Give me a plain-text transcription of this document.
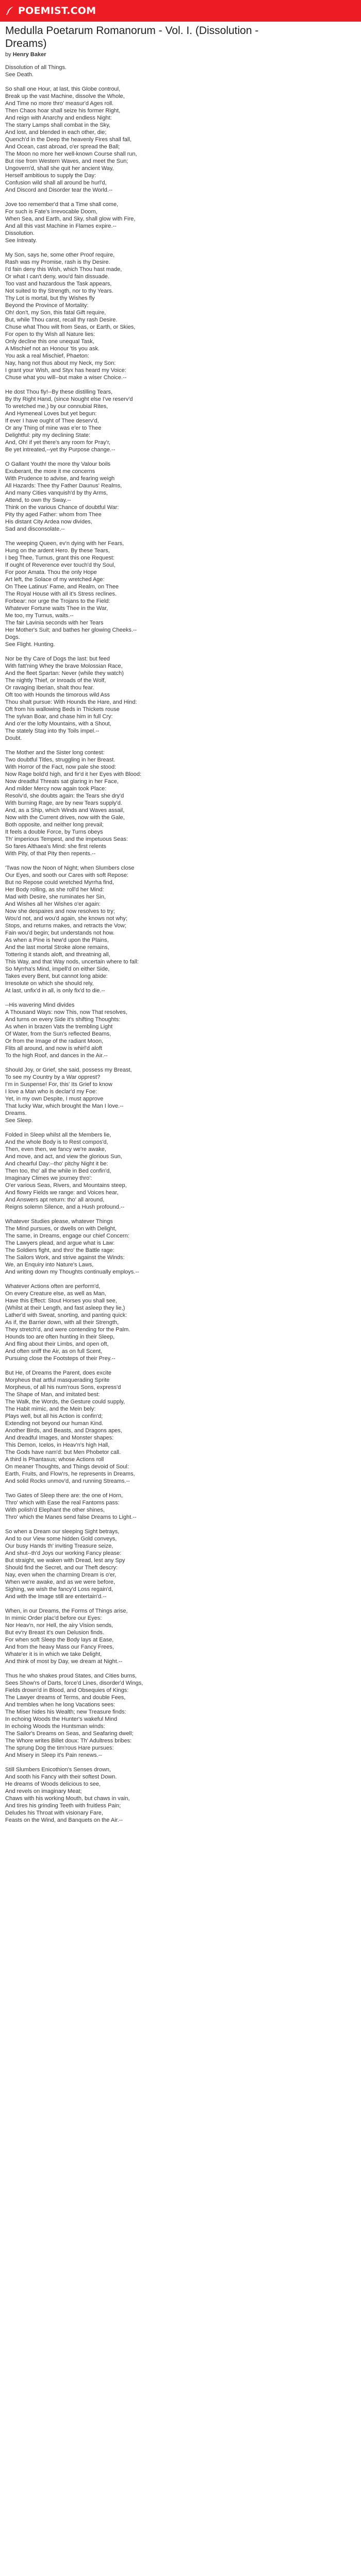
POEMIST.COM
Medulla Poetarum Romanorum - Vol. I. (Dissolution - Dreams)
by Henry Baker
Dissolution of all Things.
See Death.
So shall one Hour, at last, this Globe controul,
Break up the vast Machine, dissolve the Whole,
And Time no more thro' measur'd Ages roll.
Then Chaos hoar shall seize his former Right,
And reign with Anarchy and endless Night:
The starry Lamps shall combat in the Sky,
And lost, and blended in each other, die;
Quench'd in the Deep the heavenly Fires shall fall,
And Ocean, cast abroad, o'er spread the Ball;
The Moon no more her well-known Course shall run,
But rise from Western Waves, and meet the Sun;
Ungovern'd, shall she quit her ancient Way,
Herself ambitious to supply the Day:
Confusion wild shall all around be hurl'd,
And Discord and Disorder tear the World.--
Jove too remember'd that a Time shall come,
For such is Fate's irrevocable Doom,
When Sea, and Earth, and Sky, shall glow with Fire,
And all this vast Machine in Flames expire.--
Dissolution.
See Intreaty.
My Son, says he, some other Proof require,
Rash was my Promise, rash is thy Desire.
I'd fain deny this Wish, which Thou hast made,
Or what I can't deny, wou'd fain dissuade.
Too vast and hazardous the Task appears,
Not suited to thy Strength, nor to thy Years.
Thy Lot is mortal, but thy Wishes fly
Beyond the Province of Mortality:
Oh! don't, my Son, this fatal Gift require,
But, while Thou canst, recall thy rash Desire.
Chuse what Thou wilt from Seas, or Earth, or Skies,
For open to thy Wish all Nature lies:
Only decline this one unequal Task,
A Mischief not an Honour 'tis you ask.
You ask a real Mischief, Phaeton:
Nay, hang not thus about my Neck, my Son:
I grant your Wish, and Styx has heard my Voice:
Chuse what you will--but make a wiser Choice.--
He dost Thou fly!--By these distilling Tears,
By thy Right Hand, (since Nought else I've reserv'd
To wretched me,) by our connubial Rites,
And Hymeneal Loves but yet begun:
If ever I have ought of Thee deserv'd,
Or any Thing of mine was e'er to Thee
Delightful: pity my declining State:
And, Oh! if yet there's any room for Pray'r,
Be yet intreated,--yet thy Purpose change.--
O Gallant Youth! the more thy Valour boils
Exuberant, the more it me concerns
With Prudence to advise, and fearing weigh
All Hazards: Thee thy Father Daunus' Realms,
And many Cities vanquish'd by thy Arms,
Attend, to own thy Sway.--
Think on the various Chance of doubtful War:
Pity thy aged Father: whom from Thee
His distant City Ardea now divides,
Sad and disconsolate.--
The weeping Queen, ev'n dying with her Fears,
Hung on the ardent Hero. By these Tears,
I beg Thee, Turnus, grant this one Request:
If ought of Reverence ever touch'd thy Soul,
For poor Amata. Thou the only Hope
Art left, the Solace of my wretched Age:
On Thee Latinus' Fame, and Realm, on Thee
The Royal House with all it's Stress reclines.
Forbear: nor urge the Trojans to the Field:
Whatever Fortune waits Thee in the War,
Me too, my Turnus, waits.--
The fair Lavinia seconds with her Tears
Her Mother's Suit; and bathes her glowing Cheeks.--
Dogs.
See Flight. Hunting.
Nor be thy Care of Dogs the last: but feed
With fatt'ning Whey the brave Molossian Race,
And the fleet Spartan: Never (while they watch)
The nightly Thief, or Inroads of the Wolf,
Or ravaging Iberian, shalt thou fear.
Oft too with Hounds the timorous wild Ass
Thou shalt pursue: With Hounds the Hare, and Hind:
Oft from his wallowing Beds in Thickets rouse
The sylvan Boar, and chase him in full Cry:
And o'er the lofty Mountains, with a Shout,
The stately Stag into thy Toils impel.--
Doubt.
The Mother and the Sister long contest:
Two doubtful Titles, struggling in her Breast.
With Horror of the Fact, now pale she stood:
Now Rage bold'd high, and fir'd it her Eyes with Blood:
Now dreadful Threats sat glaring in her Face,
And milder Mercy now again took Place:
Resolv'd, she doubts again: the Tears she dry'd
With burning Rage, are by new Tears supply'd.
And, as a Ship, which Winds and Waves assail,
Now with the Current drives, now with the Gale,
Both opposite, and neither long prevail;
It feels a double Force, by Turns obeys
Th' imperious Tempest, and the impetuous Seas:
So fares Althaea's Mind: she first relents
With Pity, of that Pity then repents.--
'Twas now the Noon of Night; when Slumbers close
Our Eyes, and sooth our Cares with soft Repose:
But no Repose could wretched Myrrha find,
Her Body rolling, as she roll'd her Mind:
Mad with Desire, she ruminates her Sin,
And Wishes all her Wishes o'er again:
Now she despaires and now resolves to try;
Wou'd not, and wou'd again, she knows not why;
Stops, and returns makes, and retracts the Vow;
Fain wou'd begin; but understands not how.
As when a Pine is hew'd upon the Plains,
And the last mortal Stroke alone remains,
Tottering it stands aloft, and threatning all,
This Way, and that Way nods, uncertain where to fall:
So Myrrha's Mind, impell'd on either Side,
Takes every Bent, but cannot long abide:
Irresolute on which she should rely,
At last, unfix'd in all, is only fix'd to die.--
--His wavering Mind divides
A Thousand Ways: now This, now That resolves,
And turns on every Side it's shifting Thoughts:
As when in brazen Vats the trembling Light
Of Water, from the Sun's reflected Beams,
Or from the Image of the radiant Moon,
Flits all around, and now is whirl'd aloft
To the high Roof, and dances in the Air.--
Should Joy, or Grief, she said, possess my Breast,
To see my Country by a War opprest?
I'm in Suspense! For, this' Its Grief to know
I love a Man who is declar'd my Foe:
Yet, in my own Despite, I must approve
That lucky War, which brought the Man I love.--
Dreams.
See Sleep.
Folded in Sleep whilst all the Members lie,
And the whole Body is to Rest compos'd,
Then, even then, we fancy we're awake,
And move, and act, and view the glorious Sun,
And chearful Day:--tho' pitchy Night it be:
Then too, tho' all the while in Bed confin'd,
Imaginary Climes we journey thro':
O'er various Seas, Rivers, and Mountains steep,
And flowry Fields we range: and Voices hear,
And Answers apt return: tho' all around,
Reigns solemn Silence, and a Hush profound.--
Whatever Studies please, whatever Things
The Mind pursues, or dwells on with Delight,
The same, in Dreams, engage our chief Concern:
The Lawyers plead, and argue what is Law:
The Soldiers fight, and thro' the Battle rage:
The Sailors Work, and strive against the Winds:
We, an Enquiry into Nature's Laws,
And writing down my Thoughts continually employs.--
Whatever Actions often are perform'd,
On every Creature else, as well as Man,
Have this Effect: Stout Horses you shall see,
(Whilst at their Length, and fast asleep they lie,)
Lather'd with Sweat, snorting, and panting quick:
As if, the Barrier down, with all their Strength,
They stretch'd, and were contending for the Palm.
Hounds too are often hunting in their Sleep,
And fling about their Limbs, and open oft,
And often sniff the Air, as on full Scent,
Pursuing close the Footsteps of their Prey.--
But He, of Dreams the Parent, does excite
Morpheus that artful masquerading Sprite
Morpheus, of all his num'rous Sons, express'd
The Shape of Man, and imitated best:
The Walk, the Words, the Gesture could supply,
The Habit mimic, and the Mein bely:
Plays well, but all his Action is confin'd;
Extending not beyond our human Kind.
Another Birds, and Beasts, and Dragons apes,
And dreadful Images, and Monster shapes:
This Demon, Icelos, in Heav'n's high Hall,
The Gods have nam'd: but Men Phobetor call.
A third is Phantasus; whose Actions roll
On meaner Thoughts, and Things devoid of Soul:
Earth, Fruits, and Flow'rs, he represents in Dreams,
And solid Rocks unmov'd, and running Streams.--
Two Gates of Sleep there are: the one of Horn,
Thro' which with Ease the real Fantoms pass:
With polish'd Elephant the other shines,
Thro' which the Manes send false Dreams to Light.--
So when a Dream our sleeping Sight betrays,
And to our View some hidden Gold conveys,
Our busy Hands th' inviting Treasure seize,
And shut--th'd Joys our working Fancy please:
But straight, we waken with Dread, lest any Spy
Should find the Secret, and our Theft descry:
Nay, even when the charming Dream is o'er,
When we're awake, and as we were before,
Sighing, we wish the fancy'd Loss regain'd,
And with the Image still are entertain'd.--
When, in our Dreams, the Forms of Things arise,
In mimic Order plac'd before our Eyes:
Nor Heav'n, nor Hell, the airy Vision sends,
But ev'ry Breast it's own Delusion finds.
For when soft Sleep the Body lays at Ease,
And from the heavy Mass our Fancy Frees,
Whate'er it is in which we take Delight,
And think of most by Day, we dream at Night.--
Thus he who shakes proud States, and Cities burns,
Sees Show'rs of Darts, force'd Lines, disorder'd Wings,
Fields drown'd in Blood, and Obsequies of Kings:
The Lawyer dreams of Terms, and double Fees,
And trembles when he long Vacations sees:
The Miser hides his Wealth; new Treasure finds:
In echoing Woods the Hunter's wakeful Mind
In echoing Woods the Huntsman winds:
The Sailor's Dreams on Seas, and Seafaring dwell;
The Whore writes Billet doux: Th' Adultress bribes:
The sprung Dog the tim'rous Hare pursues:
And Misery in Sleep it's Pain renews.--
Still Slumbers Enicothion's Senses drown,
And sooth his Fancy with their softest Down.
He dreams of Woods delicious to see,
And revels on imaginary Meat;
Chaws with his working Mouth, but chaws in vain,
And tires his grinding Teeth with fruitless Pain;
Deludes his Throat with visionary Fare,
Feasts on the Wind, and Banquets on the Air.--
